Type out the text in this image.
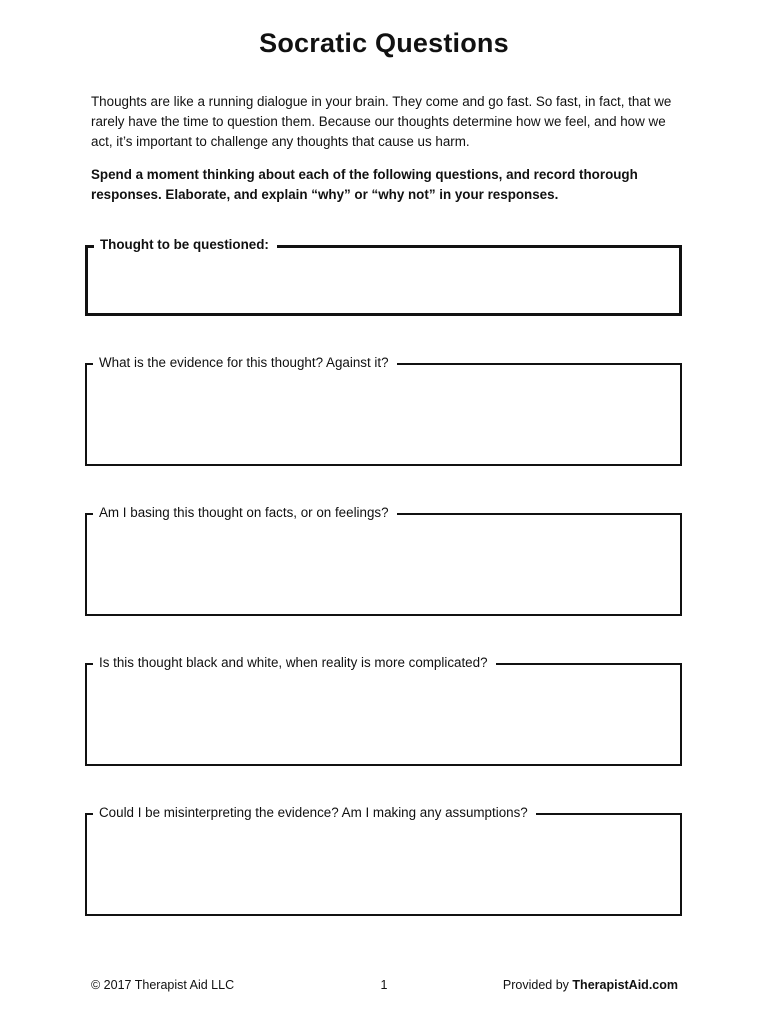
Socratic Questions
Thoughts are like a running dialogue in your brain. They come and go fast. So fast, in fact, that we rarely have the time to question them. Because our thoughts determine how we feel, and how we act, it’s important to challenge any thoughts that cause us harm.
Spend a moment thinking about each of the following questions, and record thorough responses. Elaborate, and explain “why” or “why not” in your responses.
Thought to be questioned:
What is the evidence for this thought? Against it?
Am I basing this thought on facts, or on feelings?
Is this thought black and white, when reality is more complicated?
Could I be misinterpreting the evidence? Am I making any assumptions?
© 2017 Therapist Aid LLC	1	Provided by TherapistAid.com
